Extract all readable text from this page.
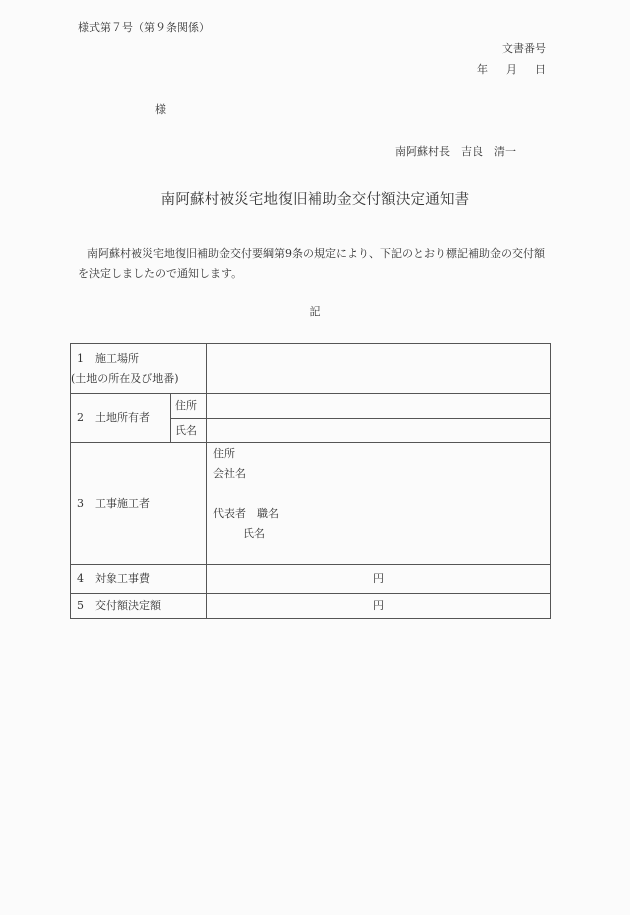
様式第７号（第９条関係）
文書番号
年 月 日
様
南阿蘇村長　吉良　清一
南阿蘇村被災宅地復旧補助金交付額決定通知書
南阿蘇村被災宅地復旧補助金交付要綱第9条の規定により、下記のとおり標記補助金の交付額を決定しましたので通知します。
記
1 施工場所
(土地の所在及び地番)		

2 土地所有者	住所	
	氏名	
3 工事施工者		住所
会社名
代表者　職名
氏名

4 対象工事費		円
5 交付額決定額		円
